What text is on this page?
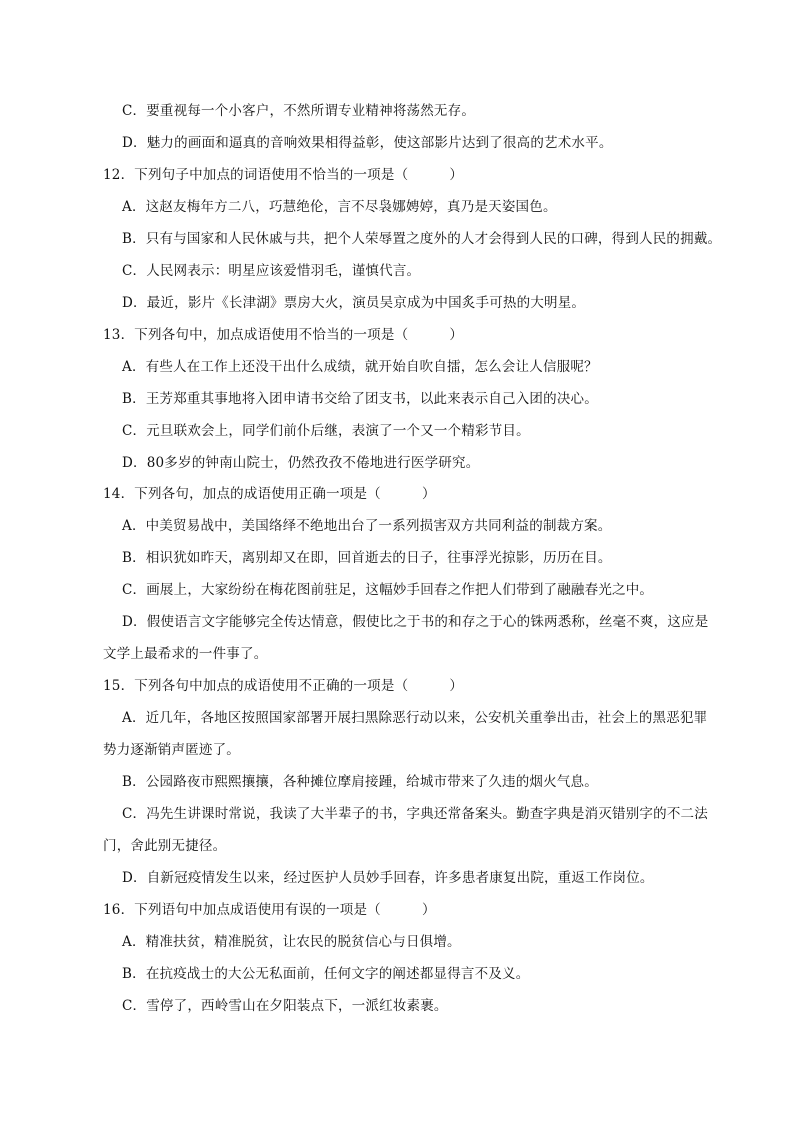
C．要重视每一个小客户，不然所谓专业精神将荡然无存。
D．魅力的画面和逼真的音响效果相得益彰，使这部影片达到了很高的艺术水平。
12．下列句子中加点的词语使用不恰当的一项是（　　　）
A．这赵友梅年方二八，巧慧绝伦，言不尽袅娜娉婷，真乃是天姿国色。
B．只有与国家和人民休戚与共，把个人荣辱置之度外的人才会得到人民的口碑，得到人民的拥戴。
C．人民网表示：明星应该爱惜羽毛，谨慎代言。
D．最近，影片《长津湖》票房大火，演员吴京成为中国炙手可热的大明星。
13．下列各句中，加点成语使用不恰当的一项是（　　　）
A．有些人在工作上还没干出什么成绩，就开始自吹自擂，怎么会让人信服呢？
B．王芳郑重其事地将入团申请书交给了团支书，以此来表示自己入团的决心。
C．元旦联欢会上，同学们前仆后继，表演了一个又一个精彩节目。
D．80多岁的钟南山院士，仍然孜孜不倦地进行医学研究。
14．下列各句，加点的成语使用正确一项是（　　　）
A．中美贸易战中，美国络绎不绝地出台了一系列损害双方共同利益的制裁方案。
B．相识犹如昨天，离别却又在即，回首逝去的日子，往事浮光掠影，历历在目。
C．画展上，大家纷纷在梅花图前驻足，这幅妙手回春之作把人们带到了融融春光之中。
D．假使语言文字能够完全传达情意，假使比之于书的和存之于心的铢两悉称，丝毫不爽，这应是
文学上最希求的一件事了。
15．下列各句中加点的成语使用不正确的一项是（　　　）
A．近几年，各地区按照国家部署开展扫黑除恶行动以来，公安机关重拳出击，社会上的黑恶犯罪
势力逐渐销声匿迹了。
B．公园路夜市熙熙攘攘，各种摊位摩肩接踵，给城市带来了久违的烟火气息。
C．冯先生讲课时常说，我读了大半辈子的书，字典还常备案头。勤查字典是消灭错别字的不二法
门，舍此别无捷径。
D．自新冠疫情发生以来，经过医护人员妙手回春，许多患者康复出院，重返工作岗位。
16．下列语句中加点成语使用有误的一项是（　　　）
A．精准扶贫，精准脱贫，让农民的脱贫信心与日俱增。
B．在抗疫战士的大公无私面前，任何文字的阐述都显得言不及义。
C．雪停了，西岭雪山在夕阳装点下，一派红妆素裹。
